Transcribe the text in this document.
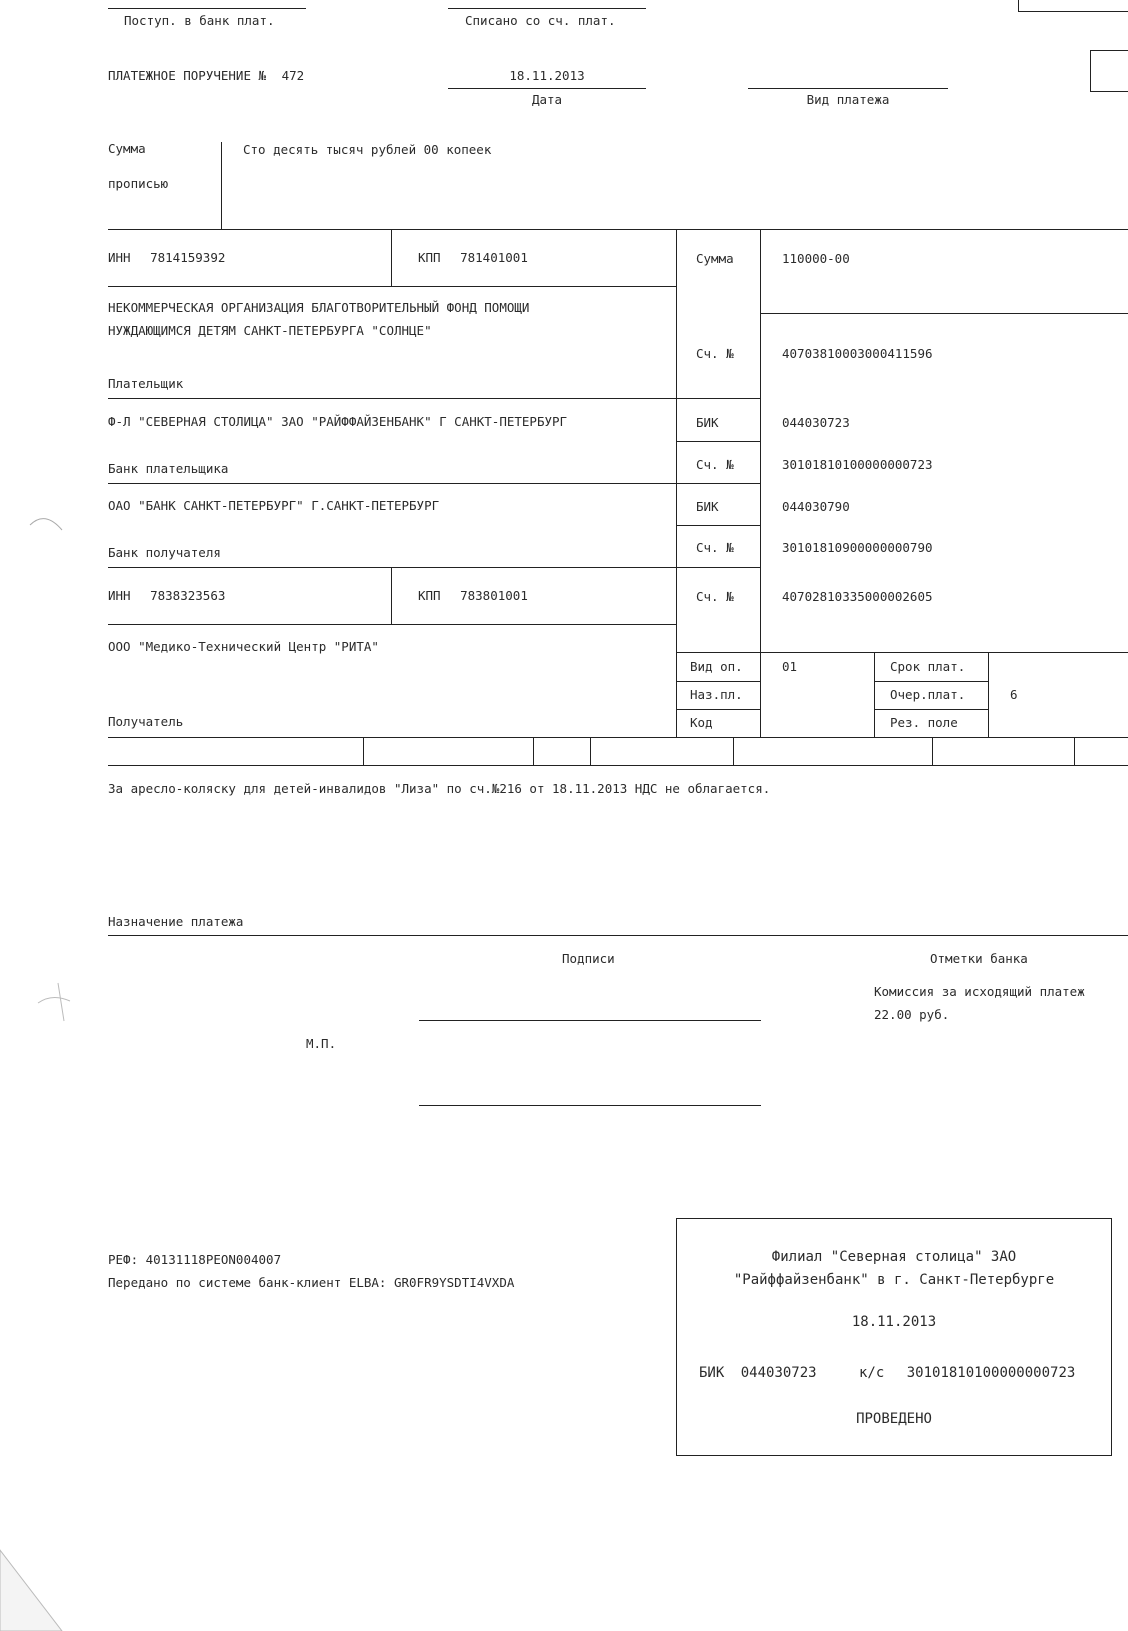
Поступ. в банк плат.	Списано со сч. плат.
ПЛАТЕЖНОЕ ПОРУЧЕНИЕ № 472	18.11.2013
Дата	Вид платежа
Сумма
прописью
Сто десять тысяч рублей 00 копеек
ИНН 7814159392	КПП 781401001	Сумма	110000-00
НЕКОММЕРЧЕСКАЯ ОРГАНИЗАЦИЯ БЛАГОТВОРИТЕЛЬНЫЙ ФОНД ПОМОЩИ
НУЖДАЮЩИМСЯ ДЕТЯМ САНКТ-ПЕТЕРБУРГА "СОЛНЦЕ"
Плательщик
Сч. №	40703810003000411596
Ф-Л "СЕВЕРНАЯ СТОЛИЦА" ЗАО "РАЙФФАЙЗЕНБАНК" Г САНКТ-ПЕТЕРБУРГ
Банк плательщика
БИК	044030723
Сч. №	30101810100000000723
ОАО "БАНК САНКТ-ПЕТЕРБУРГ" Г.САНКТ-ПЕТЕРБУРГ
Банк получателя
БИК	044030790
Сч. №	30101810900000000790
ИНН 7838323563	КПП 783801001	Сч. №	40702810335000002605
ООО "Медико-Технический Центр "РИТА"
Получатель
Вид оп.	01	Срок плат.
Наз.пл.	Очер.плат.	6
Код	Рез. поле
За аресло-коляску для детей-инвалидов "Лиза" по сч.№216 от 18.11.2013 НДС не облагается.
Назначение платежа
Подписи	Отметки банка
Комиссия за исходящий платеж
22.00 руб.
М.П.
РЕФ: 40131118PEON004007
Передано по системе банк-клиент ELBA: GR0FR9YSDTI4VXDA
Филиал "Северная столица" ЗАО
"Райффайзенбанк" в г. Санкт-Петербурге
18.11.2013
БИК 044030723	к/с 30101810100000000723
ПРОВЕДЕНО
